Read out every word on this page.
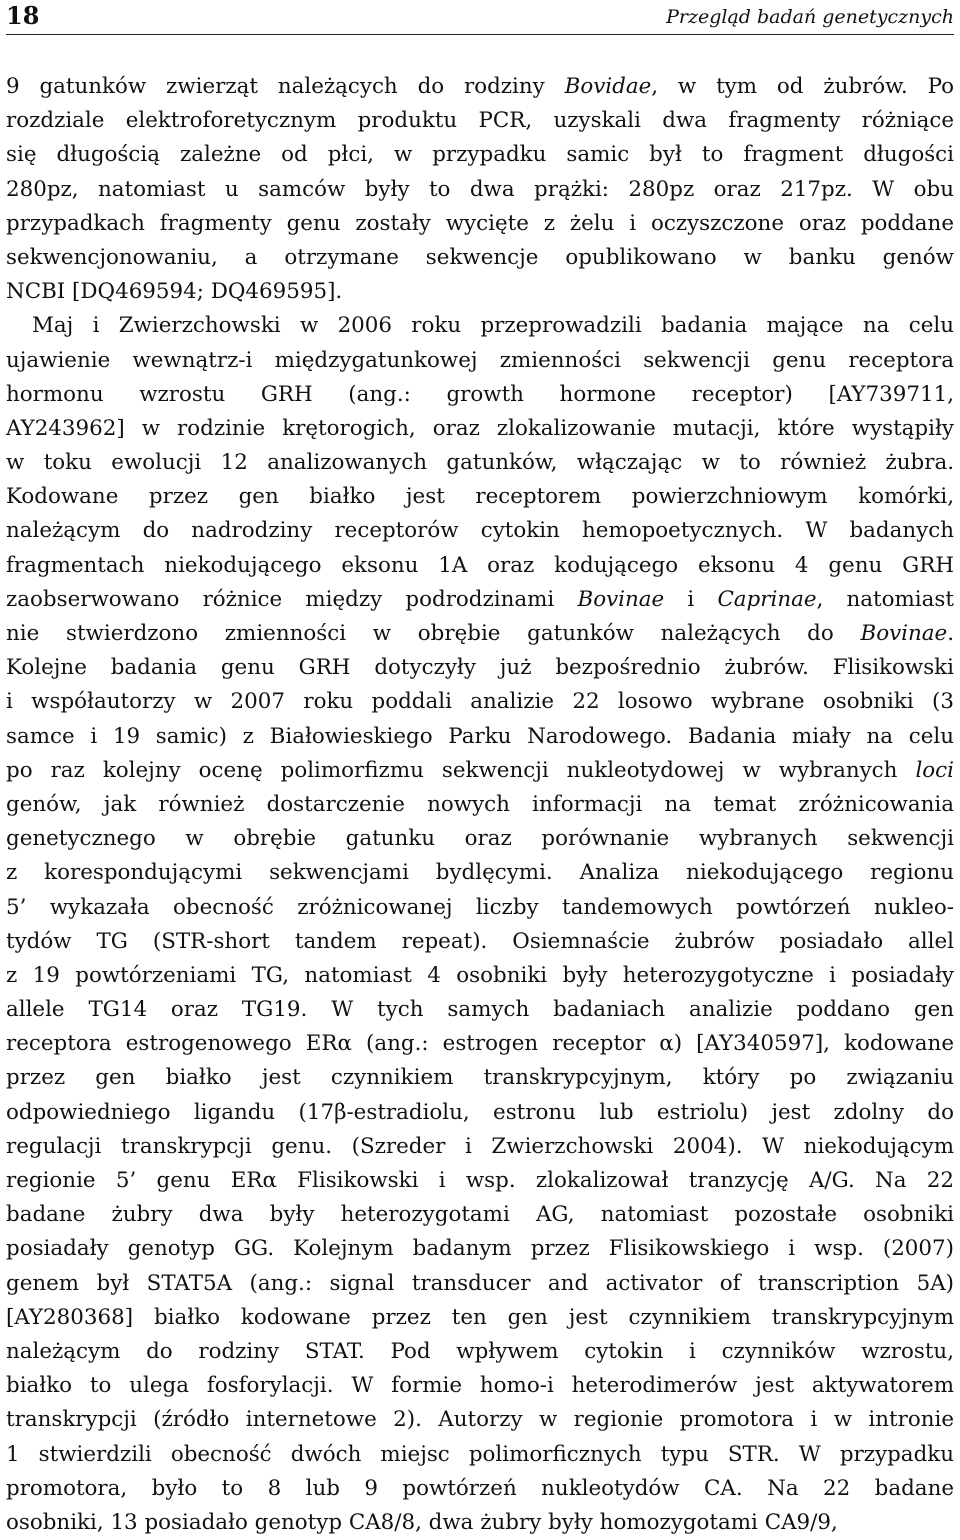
18	Przegląd badań genetycznych
9 gatunków zwierząt należących do rodziny Bovidae, w tym od żubrów. Po
rozdziale elektroforetycznym produktu PCR, uzyskali dwa fragmenty różniące
się długością zależne od płci, w przypadku samic był to fragment długości
280pz, natomiast u samców były to dwa prążki: 280pz oraz 217pz. W obu
przypadkach fragmenty genu zostały wycięte z żelu i oczyszczone oraz poddane
sekwencjonowaniu, a otrzymane sekwencje opublikowano w banku genów
NCBI [DQ469594; DQ469595].
Maj i Zwierzchowski w 2006 roku przeprowadzili badania mające na celu
ujawienie wewnątrz-i międzygatunkowej zmienności sekwencji genu receptora
hormonu wzrostu GRH (ang.: growth hormone receptor) [AY739711,
AY243962] w rodzinie krętorogich, oraz zlokalizowanie mutacji, które wystąpiły
w toku ewolucji 12 analizowanych gatunków, włączając w to również żubra.
Kodowane przez gen białko jest receptorem powierzchniowym komórki,
należącym do nadrodziny receptorów cytokin hemopoetycznych. W badanych
fragmentach niekodującego eksonu 1A oraz kodującego eksonu 4 genu GRH
zaobserwowano różnice między podrodzinami Bovinae i Caprinae, natomiast
nie stwierdzono zmienności w obrębie gatunków należących do Bovinae.
Kolejne badania genu GRH dotyczyły już bezpośrednio żubrów. Flisikowski
i współautorzy w 2007 roku poddali analizie 22 losowo wybrane osobniki (3
samce i 19 samic) z Białowieskiego Parku Narodowego. Badania miały na celu
po raz kolejny ocenę polimorfizmu sekwencji nukleotydowej w wybranych loci
genów, jak również dostarczenie nowych informacji na temat zróżnicowania
genetycznego w obrębie gatunku oraz porównanie wybranych sekwencji
z korespondującymi sekwencjami bydlęcymi. Analiza niekodującego regionu
5’ wykazała obecność zróżnicowanej liczby tandemowych powtórzeń nukleo-
tydów TG (STR-short tandem repeat). Osiemnaście żubrów posiadało allel
z 19 powtórzeniami TG, natomiast 4 osobniki były heterozygotyczne i posiadały
allele TG14 oraz TG19. W tych samych badaniach analizie poddano gen
receptora estrogenowego ERα (ang.: estrogen receptor α) [AY340597], kodowane
przez gen białko jest czynnikiem transkrypcyjnym, który po związaniu
odpowiedniego ligandu (17β-estradiolu, estronu lub estriolu) jest zdolny do
regulacji transkrypcji genu. (Szreder i Zwierzchowski 2004). W niekodującym
regionie 5’ genu ERα Flisikowski i wsp. zlokalizował tranzycję A/G. Na 22
badane żubry dwa były heterozygotami AG, natomiast pozostałe osobniki
posiadały genotyp GG. Kolejnym badanym przez Flisikowskiego i wsp. (2007)
genem był STAT5A (ang.: signal transducer and activator of transcription 5A)
[AY280368] białko kodowane przez ten gen jest czynnikiem transkrypcyjnym
należącym do rodziny STAT. Pod wpływem cytokin i czynników wzrostu,
białko to ulega fosforylacji. W formie homo-i heterodimerów jest aktywatorem
transkrypcji (źródło internetowe 2). Autorzy w regionie promotora i w intronie
1 stwierdzili obecność dwóch miejsc polimorficznych typu STR. W przypadku
promotora, było to 8 lub 9 powtórzeń nukleotydów CA. Na 22 badane
osobniki, 13 posiadało genotyp CA8/8, dwa żubry były homozygotami CA9/9,
